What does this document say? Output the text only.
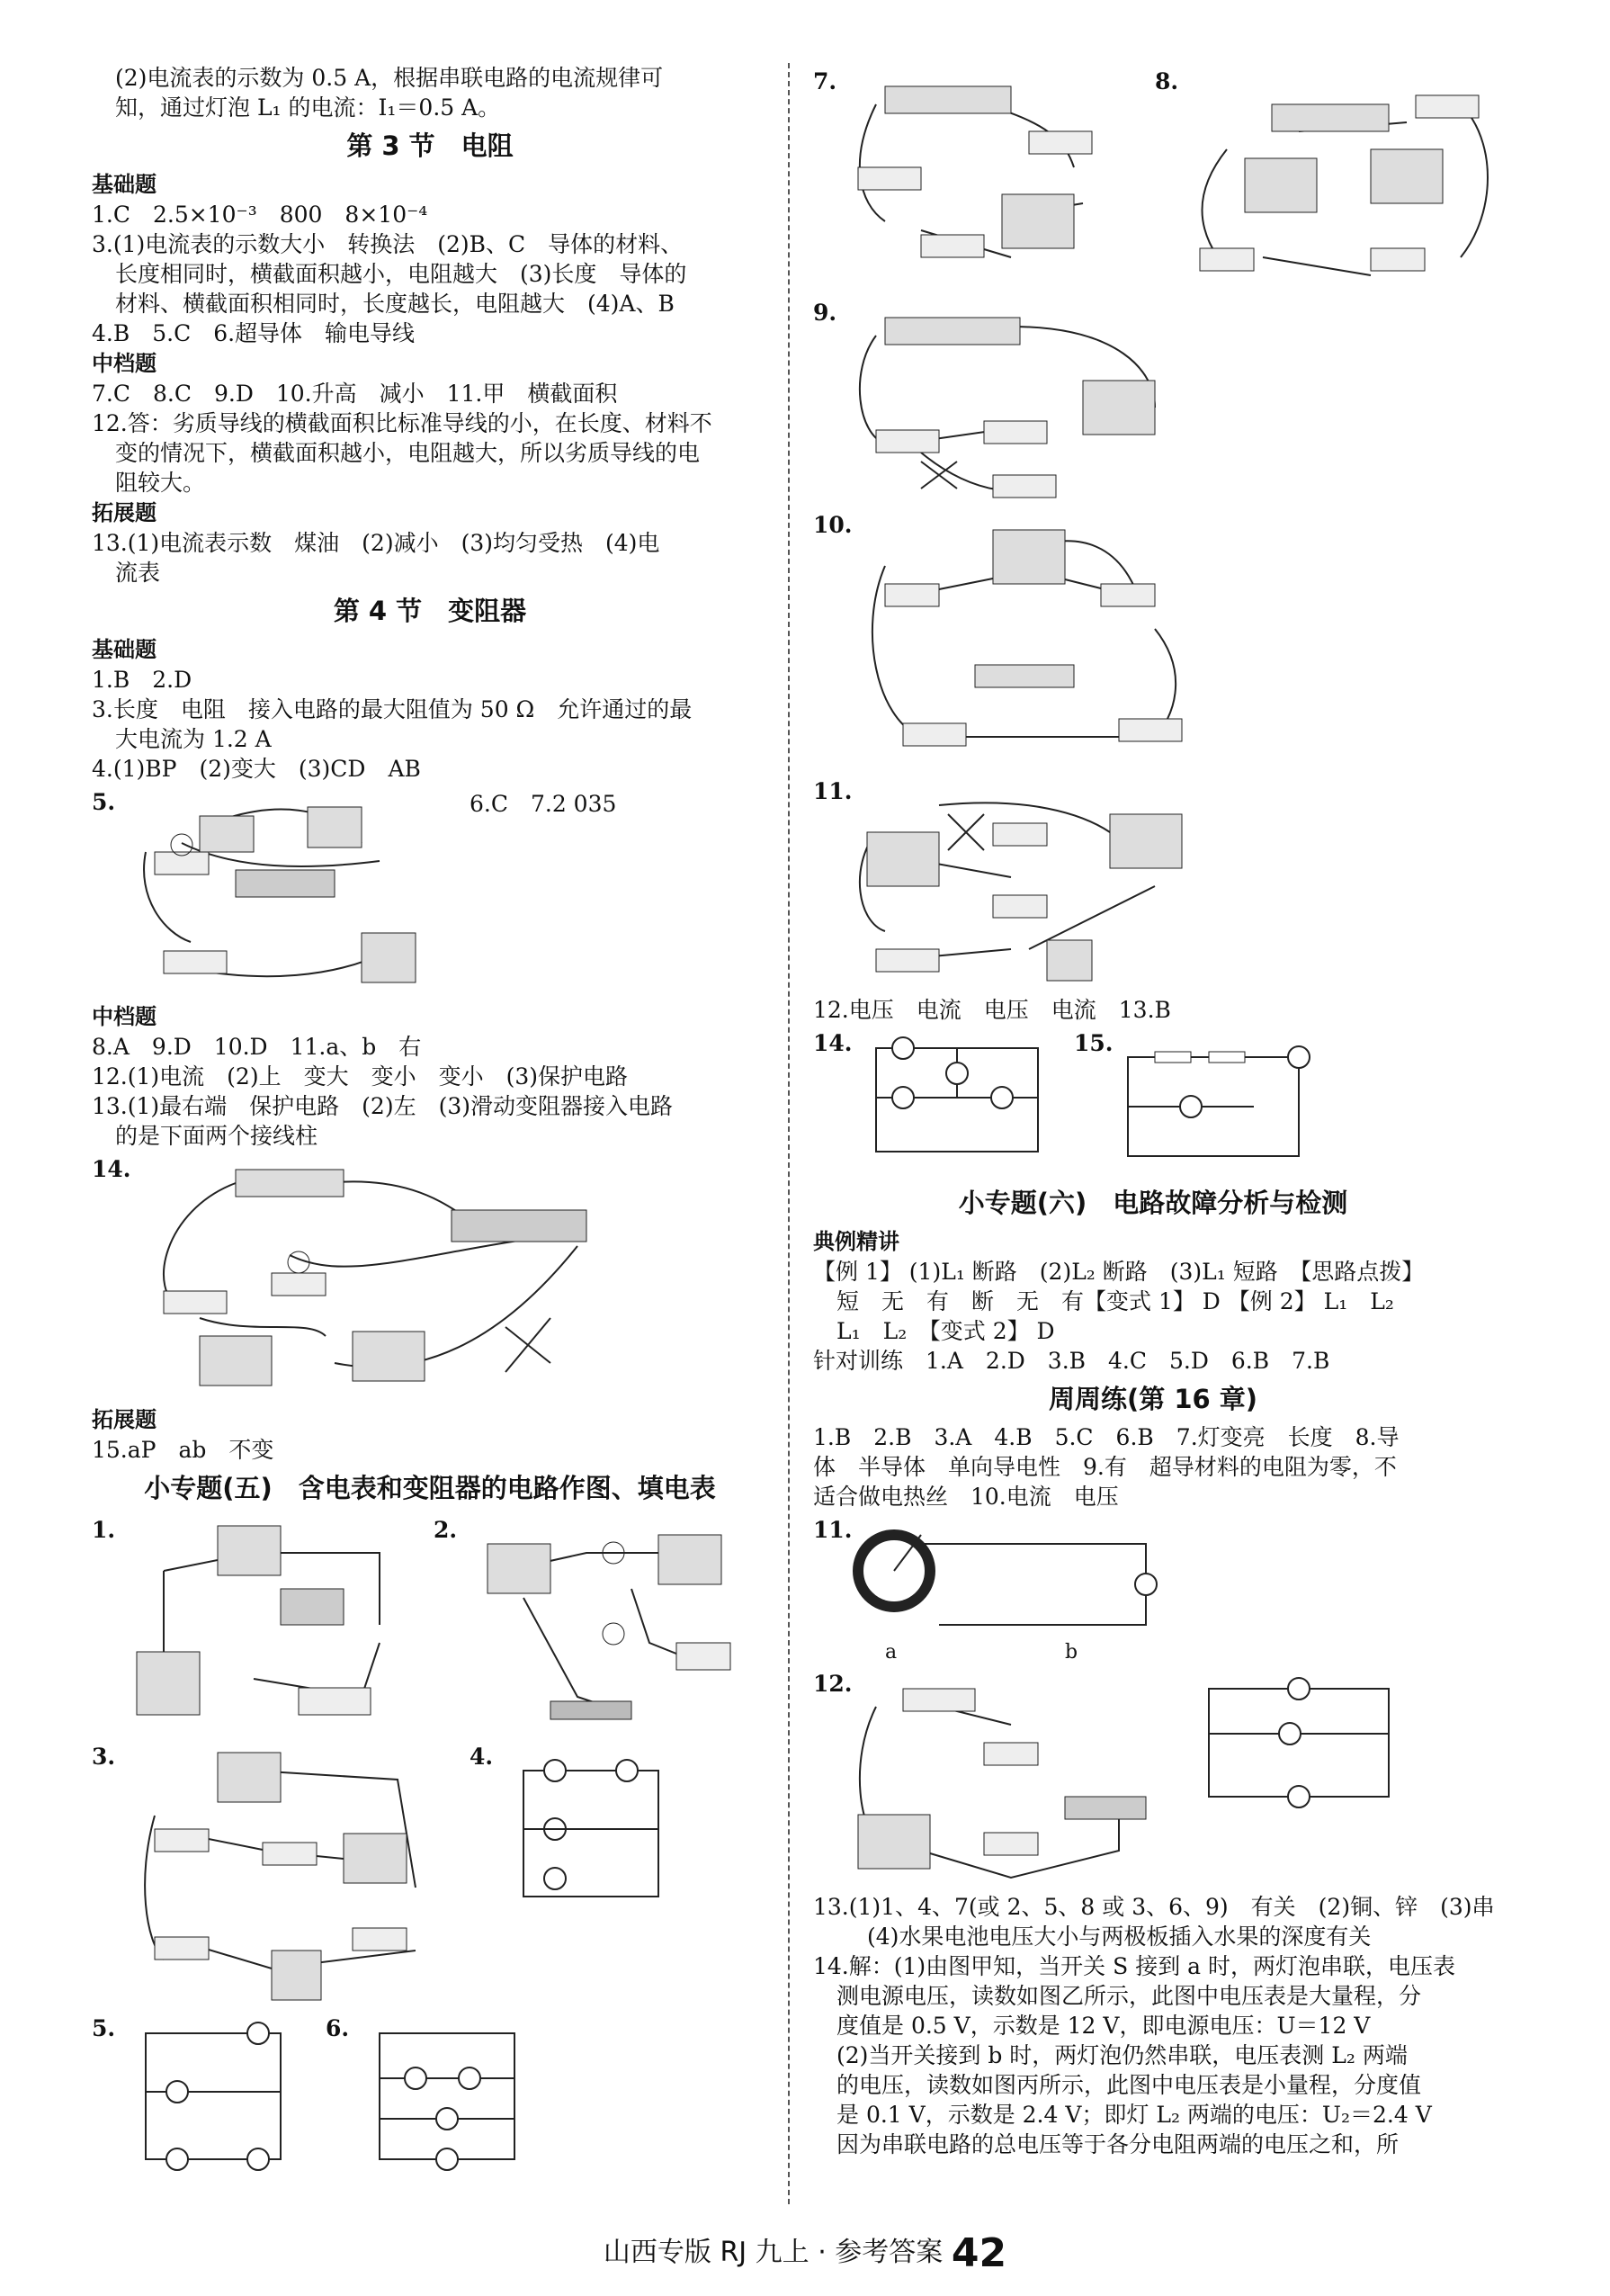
(2)电流表的示数为 0.5 A，根据串联电路的电流规律可
知，通过灯泡 L₁ 的电流：I₁＝0.5 A。
第 3 节　电阻
基础题
1.C　2.5×10⁻³　800　8×10⁻⁴
3.(1)电流表的示数大小　转换法　(2)B、C　导体的材料、
长度相同时，横截面积越小，电阻越大　(3)长度　导体的
材料、横截面积相同时，长度越长，电阻越大　(4)A、B
4.B　5.C　6.超导体　输电导线
中档题
7.C　8.C　9.D　10.升高　减小　11.甲　横截面积
12.答：劣质导线的横截面积比标准导线的小，在长度、材料不
变的情况下，横截面积越小，电阻越大，所以劣质导线的电
阻较大。
拓展题
13.(1)电流表示数　煤油　(2)减小　(3)均匀受热　(4)电
流表
第 4 节　变阻器
基础题
1.B　2.D
3.长度　电阻　接入电路的最大阻值为 50 Ω　允许通过的最
大电流为 1.2 A
4.(1)BP　(2)变大　(3)CD　AB
5.	6.C　7.2 035
中档题
8.A　9.D　10.D　11.a、b　右
12.(1)电流　(2)上　变大　变小　变小　(3)保护电路
13.(1)最右端　保护电路　(2)左　(3)滑动变阻器接入电路
的是下面两个接线柱
14.
拓展题
15.aP　ab　不变
小专题(五)　含电表和变阻器的电路作图、填电表
1.	2.
3.	4.
5.	6.
7.	8.
9.
10.
11.
12.电压　电流　电压　电流　13.B
14.	15.
小专题(六)　电路故障分析与检测
典例精讲
【例 1】 (1)L₁ 断路　(2)L₂ 断路　(3)L₁ 短路　【思路点拨】
短　无　有　断　无　有【变式 1】 D 【例 2】 L₁　L₂
L₁　L₂　【变式 2】 D
针对训练　1.A　2.D　3.B　4.C　5.D　6.B　7.B
周周练(第 16 章)
1.B　2.B　3.A　4.B　5.C　6.B　7.灯变亮　长度　8.导
体　半导体　单向导电性　9.有　超导材料的电阻为零，不
适合做电热丝　10.电流　电压
11.
a	b
12.
13.(1)1、4、7(或 2、5、8 或 3、6、9)　有关　(2)铜、锌　(3)串
(4)水果电池电压大小与两极板插入水果的深度有关
14.解：(1)由图甲知，当开关 S 接到 a 时，两灯泡串联，电压表
测电源电压，读数如图乙所示，此图中电压表是大量程，分
度值是 0.5 V，示数是 12 V，即电源电压：U＝12 V
(2)当开关接到 b 时，两灯泡仍然串联，电压表测 L₂ 两端
的电压，读数如图丙所示，此图中电压表是小量程，分度值
是 0.1 V，示数是 2.4 V；即灯 L₂ 两端的电压：U₂＝2.4 V
因为串联电路的总电压等于各分电阻两端的电压之和，所
山西专版 RJ 九上 · 参考答案 42
